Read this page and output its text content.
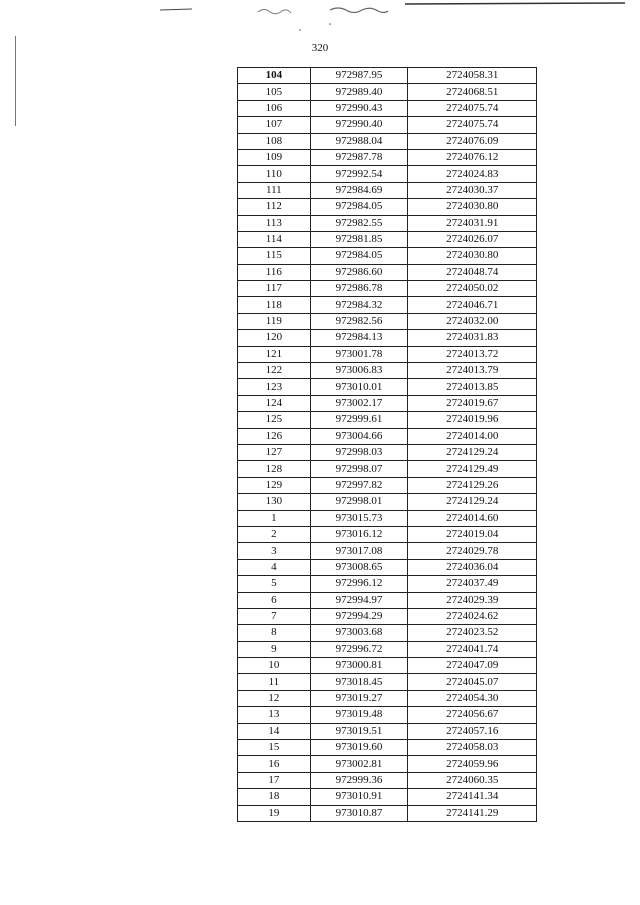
320
104	972987.95	2724058.31
105	972989.40	2724068.51
106	972990.43	2724075.74
107	972990.40	2724075.74
108	972988.04	2724076.09
109	972987.78	2724076.12
110	972992.54	2724024.83
111	972984.69	2724030.37
112	972984.05	2724030.80
113	972982.55	2724031.91
114	972981.85	2724026.07
115	972984.05	2724030.80
116	972986.60	2724048.74
117	972986.78	2724050.02
118	972984.32	2724046.71
119	972982.56	2724032.00
120	972984.13	2724031.83
121	973001.78	2724013.72
122	973006.83	2724013.79
123	973010.01	2724013.85
124	973002.17	2724019.67
125	972999.61	2724019.96
126	973004.66	2724014.00
127	972998.03	2724129.24
128	972998.07	2724129.49
129	972997.82	2724129.26
130	972998.01	2724129.24
1	973015.73	2724014.60
2	973016.12	2724019.04
3	973017.08	2724029.78
4	973008.65	2724036.04
5	972996.12	2724037.49
6	972994.97	2724029.39
7	972994.29	2724024.62
8	973003.68	2724023.52
9	972996.72	2724041.74
10	973000.81	2724047.09
11	973018.45	2724045.07
12	973019.27	2724054.30
13	973019.48	2724056.67
14	973019.51	2724057.16
15	973019.60	2724058.03
16	973002.81	2724059.96
17	972999.36	2724060.35
18	973010.91	2724141.34
19	973010.87	2724141.29
